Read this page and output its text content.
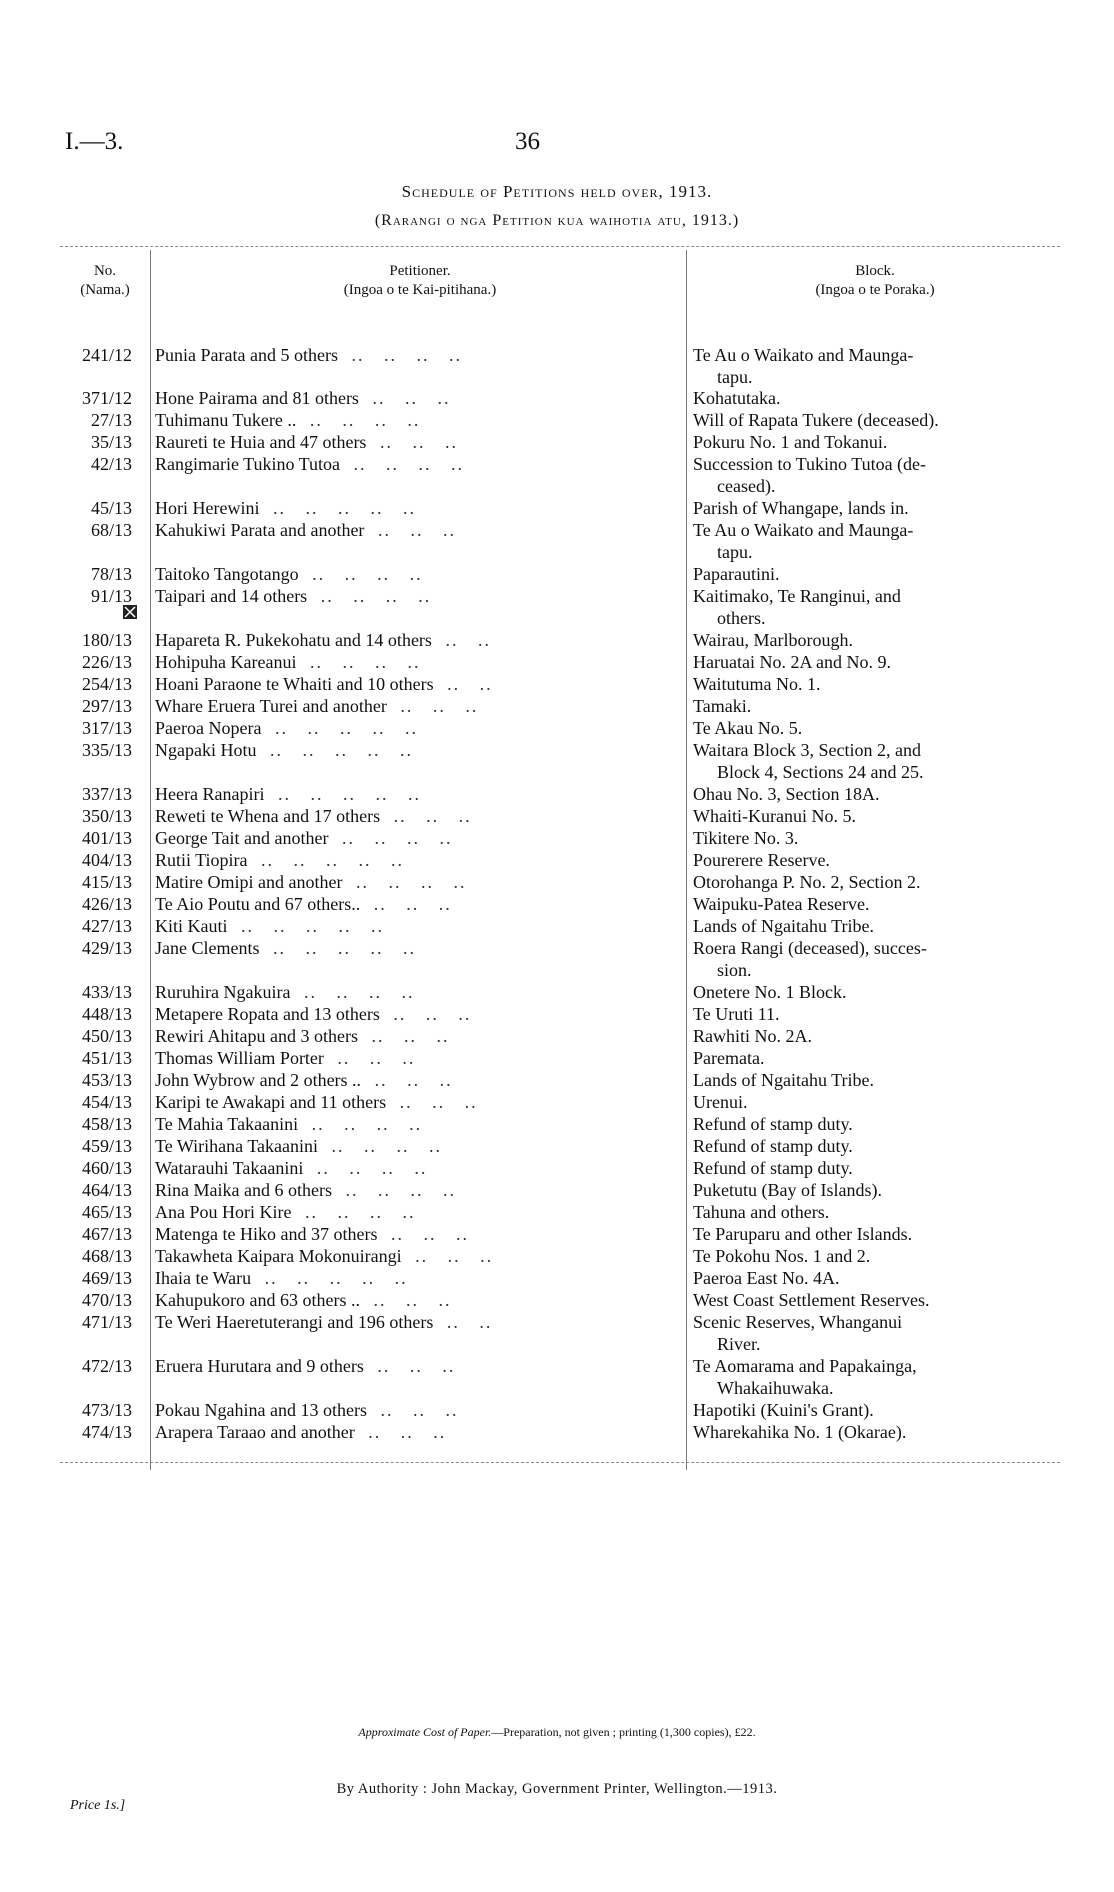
I.—3.	36
Schedule of Petitions held over, 1913.
(Rarangi o nga Petition kua waihotia atu, 1913.)
No.
(Nama.)
Petitioner.
(Ingoa o te Kai-pitihana.)
Block.
(Ingoa o te Poraka.)
241/12 Punia Parata and 5 others ..   ..   ..   ..	Te Au o Waikato and Maunga-
tapu.
371/12 Hone Pairama and 81 others ..   ..   ..	Kohatutaka.
27/13 Tuhimanu Tukere .. ..   ..   ..   ..	Will of Rapata Tukere (deceased).
35/13 Raureti te Huia and 47 others ..   ..   ..	Pokuru No. 1 and Tokanui.
42/13 Rangimarie Tukino Tutoa ..   ..   ..   ..	Succession to Tukino Tutoa (de-
ceased).
45/13 Hori Herewini ..   ..   ..   ..   ..	Parish of Whangape, lands in.
68/13 Kahukiwi Parata and another ..   ..   ..	Te Au o Waikato and Maunga-
tapu.
78/13 Taitoko Tangotango ..   ..   ..   ..	Paparautini.
91/13 Taipari and 14 others ..   ..   ..   ..	Kaitimako, Te Ranginui, and
others.
180/13 Hapareta R. Pukekohatu and 14 others ..   ..	Wairau, Marlborough.
226/13 Hohipuha Kareanui ..   ..   ..   ..	Haruatai No. 2A and No. 9.
254/13 Hoani Paraone te Whaiti and 10 others ..   ..	Waitutuma No. 1.
297/13 Whare Eruera Turei and another ..   ..   ..	Tamaki.
317/13 Paeroa Nopera ..   ..   ..   ..   ..	Te Akau No. 5.
335/13 Ngapaki Hotu ..   ..   ..   ..   ..	Waitara Block 3, Section 2, and
Block 4, Sections 24 and 25.
337/13 Heera Ranapiri ..   ..   ..   ..   ..	Ohau No. 3, Section 18A.
350/13 Reweti te Whena and 17 others ..   ..   ..	Whaiti-Kuranui No. 5.
401/13 George Tait and another ..   ..   ..   ..	Tikitere No. 3.
404/13 Rutii Tiopira ..   ..   ..   ..   ..	Pourerere Reserve.
415/13 Matire Omipi and another ..   ..   ..   ..	Otorohanga P. No. 2, Section 2.
426/13 Te Aio Poutu and 67 others.. ..   ..   ..	Waipuku-Patea Reserve.
427/13 Kiti Kauti ..   ..   ..   ..   ..	Lands of Ngaitahu Tribe.
429/13 Jane Clements ..   ..   ..   ..   ..	Roera Rangi (deceased), succes-
sion.
433/13 Ruruhira Ngakuira ..   ..   ..   ..	Onetere No. 1 Block.
448/13 Metapere Ropata and 13 others ..   ..   ..	Te Uruti 11.
450/13 Rewiri Ahitapu and 3 others ..   ..   ..	Rawhiti No. 2A.
451/13 Thomas William Porter ..   ..   ..	Paremata.
453/13 John Wybrow and 2 others .. ..   ..   ..	Lands of Ngaitahu Tribe.
454/13 Karipi te Awakapi and 11 others ..   ..   ..	Urenui.
458/13 Te Mahia Takaanini ..   ..   ..   ..	Refund of stamp duty.
459/13 Te Wirihana Takaanini ..   ..   ..   ..	Refund of stamp duty.
460/13 Watarauhi Takaanini ..   ..   ..   ..	Refund of stamp duty.
464/13 Rina Maika and 6 others ..   ..   ..   ..	Puketutu (Bay of Islands).
465/13 Ana Pou Hori Kire ..   ..   ..   ..	Tahuna and others.
467/13 Matenga te Hiko and 37 others ..   ..   ..	Te Paruparu and other Islands.
468/13 Takawheta Kaipara Mokonuirangi ..   ..   ..	Te Pokohu Nos. 1 and 2.
469/13 Ihaia te Waru ..   ..   ..   ..   ..	Paeroa East No. 4A.
470/13 Kahupukoro and 63 others .. ..   ..   ..	West Coast Settlement Reserves.
471/13 Te Weri Haeretuterangi and 196 others ..   ..	Scenic Reserves, Whanganui
River.
472/13 Eruera Hurutara and 9 others ..   ..   ..	Te Aomarama and Papakainga,
Whakaihuwaka.
473/13 Pokau Ngahina and 13 others ..   ..   ..	Hapotiki (Kuini's Grant).
474/13 Arapera Taraao and another ..   ..   ..	Wharekahika No. 1 (Okarae).
Approximate Cost of Paper.—Preparation, not given ; printing (1,300 copies), £22.
By Authority : John Mackay, Government Printer, Wellington.—1913.
Price 1s.]
